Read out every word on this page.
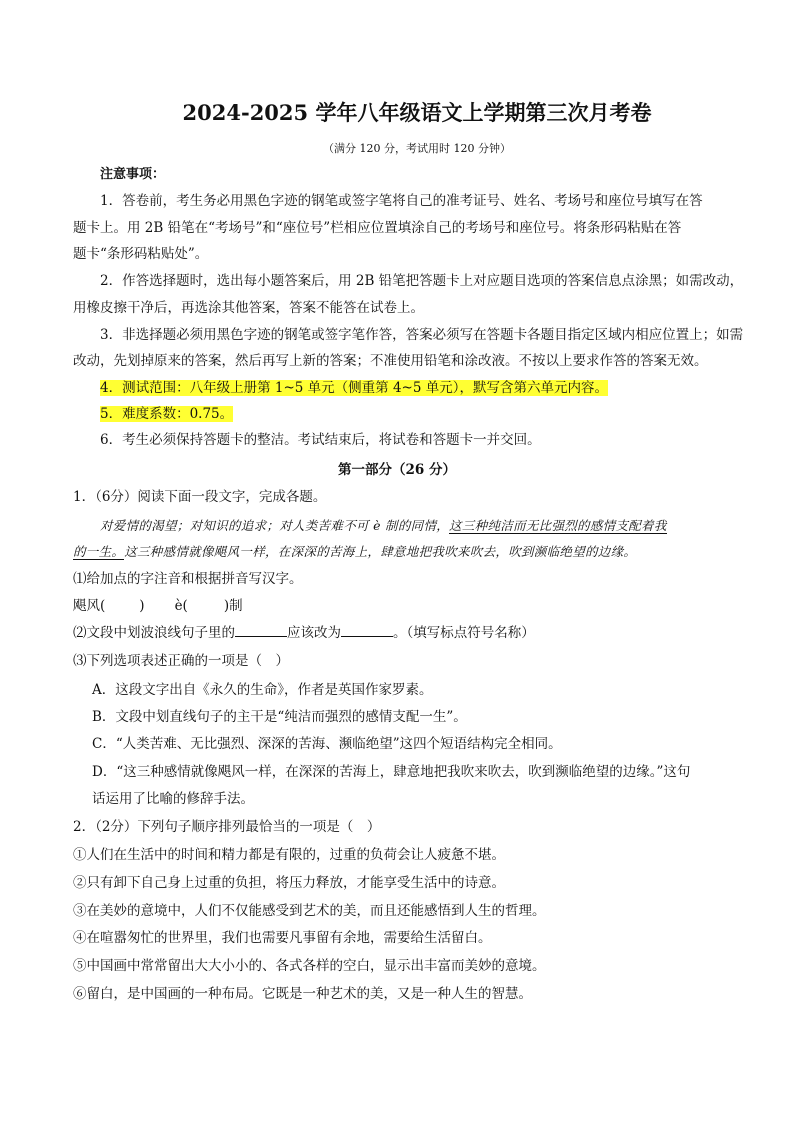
2024-2025 学年八年级语文上学期第三次月考卷
（满分 120 分，考试用时 120 分钟）
注意事项：
1．答卷前，考生务必用黑色字迹的钢笔或签字笔将自己的准考证号、姓名、考场号和座位号填写在答
题卡上。用 2B 铅笔在“考场号”和“座位号”栏相应位置填涂自己的考场号和座位号。将条形码粘贴在答
题卡“条形码粘贴处”。
2．作答选择题时，选出每小题答案后，用 2B 铅笔把答题卡上对应题目选项的答案信息点涂黑；如需改动，
用橡皮擦干净后，再选涂其他答案，答案不能答在试卷上。
3．非选择题必须用黑色字迹的钢笔或签字笔作答，答案必须写在答题卡各题目指定区域内相应位置上；如需
改动，先划掉原来的答案，然后再写上新的答案；不准使用铅笔和涂改液。不按以上要求作答的答案无效。
4．测试范围：八年级上册第 1~5 单元（侧重第 4~5 单元），默写含第六单元内容。
5．难度系数：0.75。
6．考生必须保持答题卡的整洁。考试结束后，将试卷和答题卡一并交回。
第一部分（26 分）
1．（6分）阅读下面一段文字，完成各题。
对爱情的渴望；对知识的追求；对人类苦难不可 è 制的同情，这三种纯洁而无比强烈的感情支配着我
的一生。这三种感情就像飓风一样，在深深的苦海上，肆意地把我吹来吹去，吹到濒临绝望的边缘。
⑴给加点的字注音和根据拼音写汉字。
飓风(	) è(	)制
⑵文段中划波浪线句子里的	应该改为	。（填写标点符号名称）
⑶下列选项表述正确的一项是（　）
A．这段文字出自《永久的生命》，作者是英国作家罗素。
B．文段中划直线句子的主干是“纯洁而强烈的感情支配一生”。
C．“人类苦难、无比强烈、深深的苦海、濒临绝望”这四个短语结构完全相同。
D．“这三种感情就像飓风一样，在深深的苦海上，肆意地把我吹来吹去，吹到濒临绝望的边缘。”这句
话运用了比喻的修辞手法。
2．（2分）下列句子顺序排列最恰当的一项是（　）
①人们在生活中的时间和精力都是有限的，过重的负荷会让人疲惫不堪。
②只有卸下自己身上过重的负担，将压力释放，才能享受生活中的诗意。
③在美妙的意境中，人们不仅能感受到艺术的美，而且还能感悟到人生的哲理。
④在喧嚣匆忙的世界里，我们也需要凡事留有余地，需要给生活留白。
⑤中国画中常常留出大大小小的、各式各样的空白，显示出丰富而美妙的意境。
⑥留白，是中国画的一种布局。它既是一种艺术的美，又是一种人生的智慧。
